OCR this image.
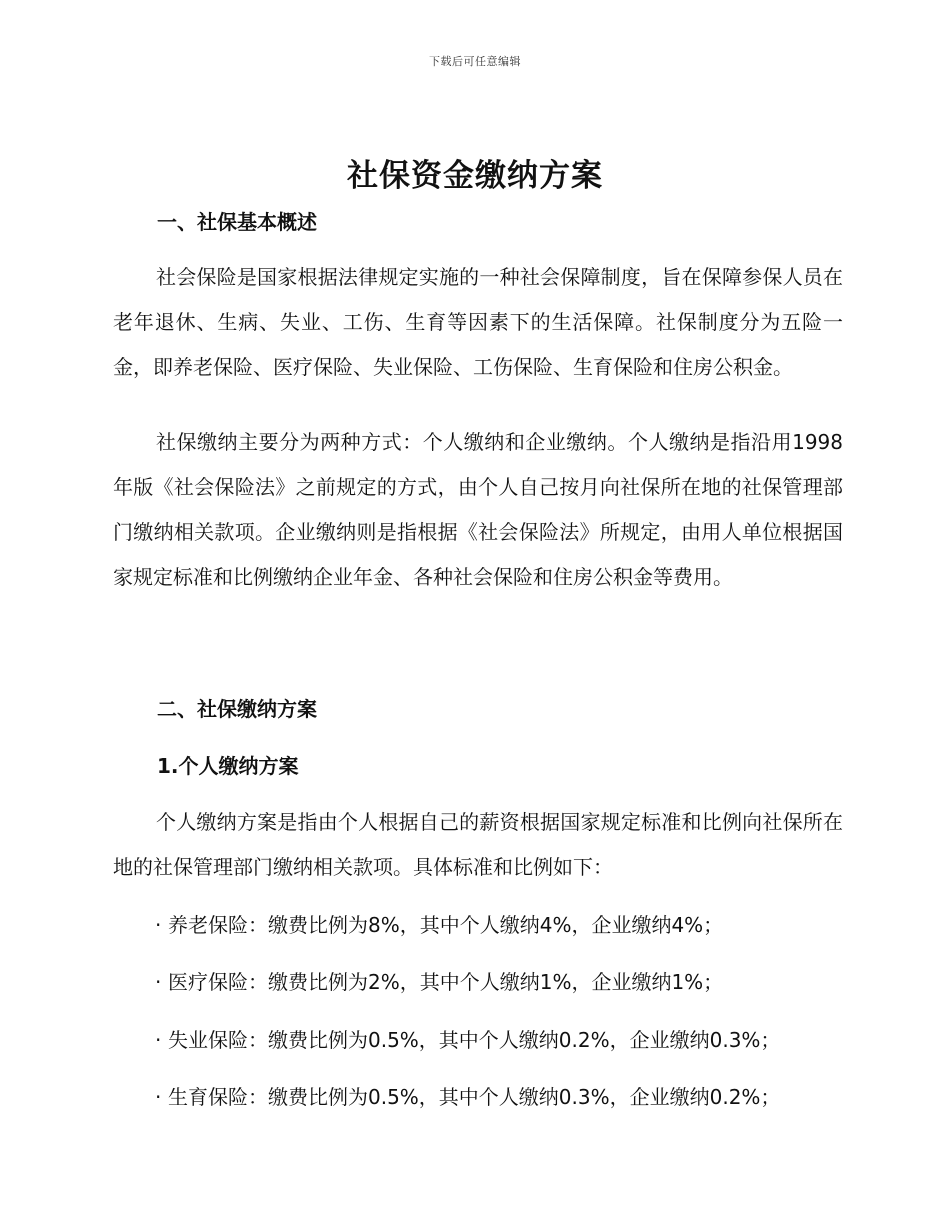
下载后可任意编辑
社保资金缴纳方案
一、社保基本概述

社会保险是国家根据法律规定实施的一种社会保障制度，旨在保障参保人员在老年退休、生病、失业、工伤、生育等因素下的生活保障。社保制度分为五险一金，即养老保险、医疗保险、失业保险、工伤保险、生育保险和住房公积金。

社保缴纳主要分为两种方式：个人缴纳和企业缴纳。个人缴纳是指沿用1998年版《社会保险法》之前规定的方式，由个人自己按月向社保所在地的社保管理部门缴纳相关款项。企业缴纳则是指根据《社会保险法》所规定，由用人单位根据国家规定标准和比例缴纳企业年金、各种社会保险和住房公积金等费用。

二、社保缴纳方案
1.个人缴纳方案

个人缴纳方案是指由个人根据自己的薪资根据国家规定标准和比例向社保所在地的社保管理部门缴纳相关款项。具体标准和比例如下：

· 养老保险：缴费比例为8%，其中个人缴纳4%，企业缴纳4%；

· 医疗保险：缴费比例为2%，其中个人缴纳1%，企业缴纳1%；

· 失业保险：缴费比例为0.5%，其中个人缴纳0.2%，企业缴纳0.3%；

· 生育保险：缴费比例为0.5%，其中个人缴纳0.3%，企业缴纳0.2%；
